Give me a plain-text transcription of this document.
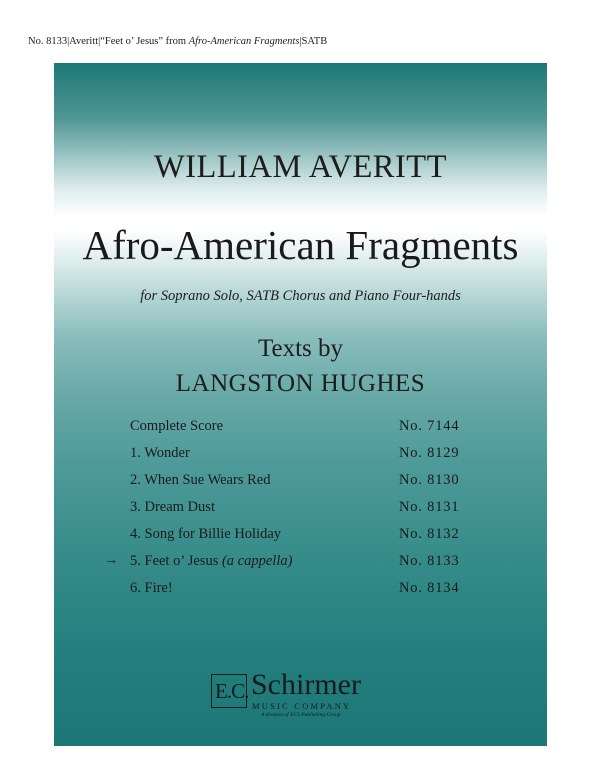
No. 8133|Averitt|“Feet o’ Jesus” from Afro-American Fragments|SATB
WILLIAM AVERITT
Afro-American Fragments
for Soprano Solo, SATB Chorus and Piano Four-hands
Texts by
LANGSTON HUGHES
Complete Score	No. 7144
1. Wonder	No. 8129
2. When Sue Wears Red	No. 8130
3. Dream Dust	No. 8131
4. Song for Billie Holiday	No. 8132
→ 5. Feet o’ Jesus (a cappella)	No. 8133
6. Fire!	No. 8134
E.C. Schirmer
MUSIC COMPANY
A division of ECS Publishing Group
